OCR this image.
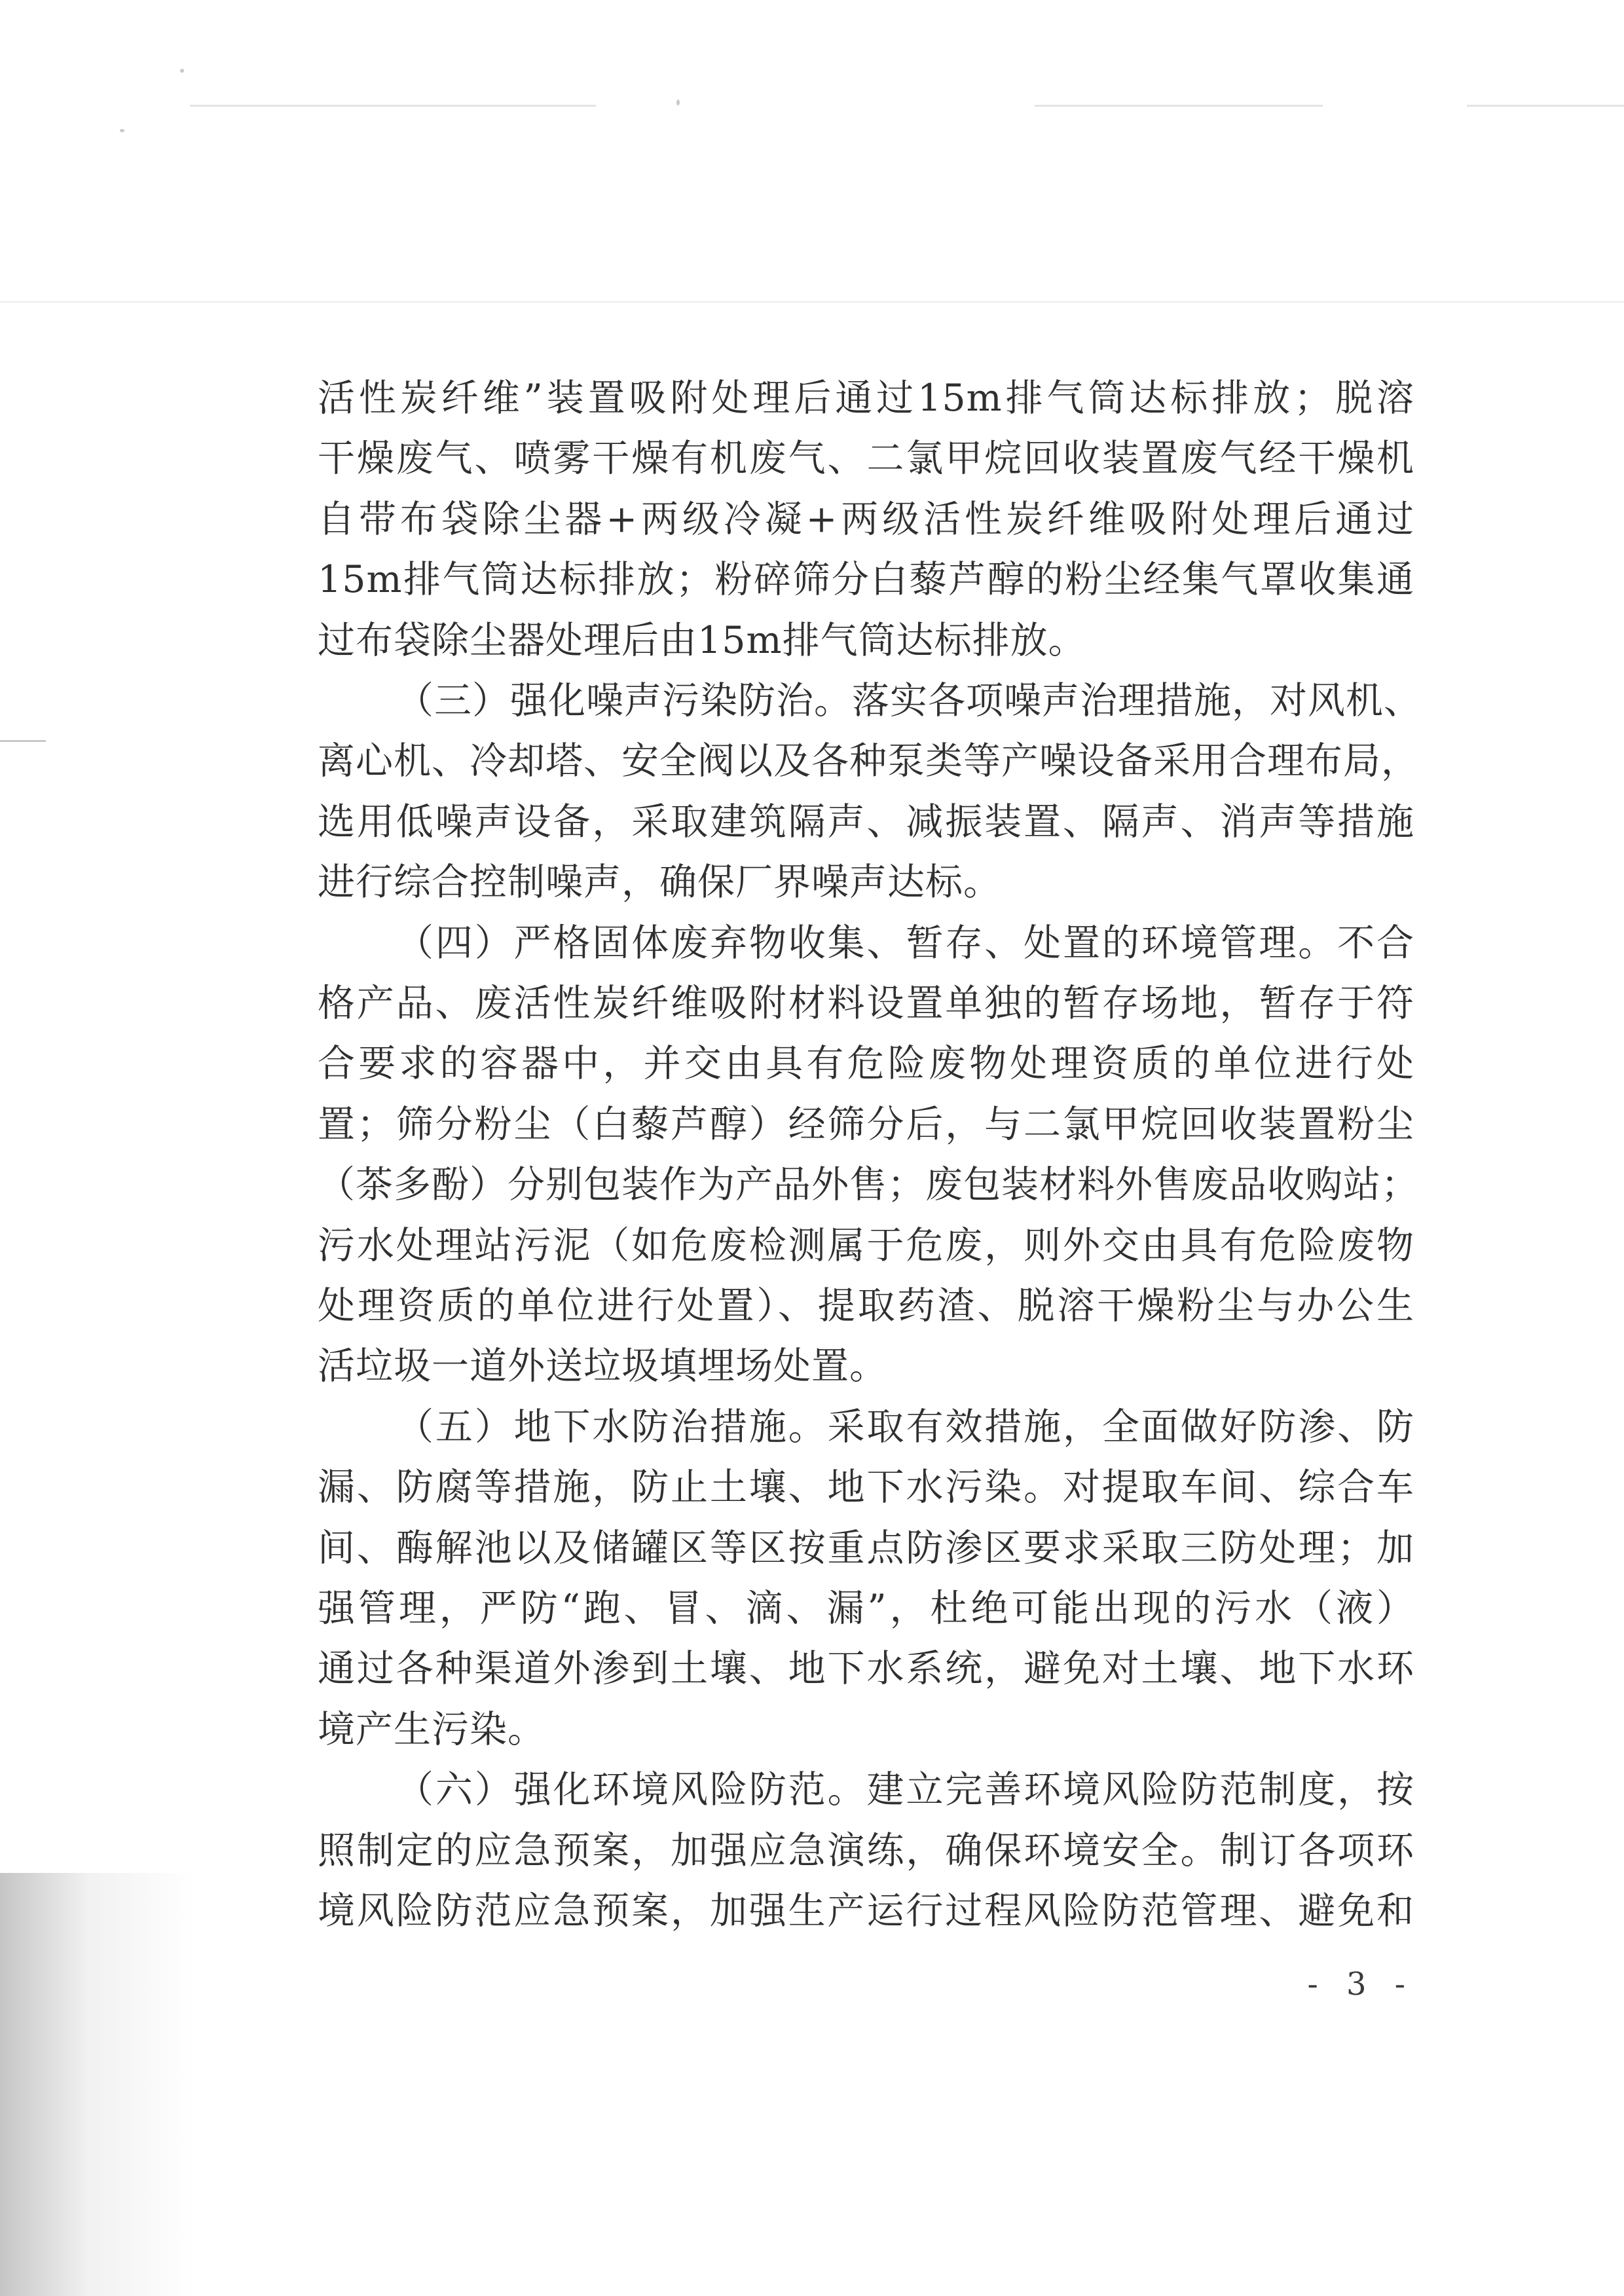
活性炭纤维”装置吸附处理后通过15m排气筒达标排放；脱溶
干燥废气、喷雾干燥有机废气、二氯甲烷回收装置废气经干燥机
自带布袋除尘器+两级冷凝+两级活性炭纤维吸附处理后通过
15m排气筒达标排放；粉碎筛分白藜芦醇的粉尘经集气罩收集通
过布袋除尘器处理后由15m排气筒达标排放。
（三）强化噪声污染防治。落实各项噪声治理措施，对风机、
离心机、冷却塔、安全阀以及各种泵类等产噪设备采用合理布局，
选用低噪声设备，采取建筑隔声、减振装置、隔声、消声等措施
进行综合控制噪声，确保厂界噪声达标。
（四）严格固体废弃物收集、暂存、处置的环境管理。不合
格产品、废活性炭纤维吸附材料设置单独的暂存场地，暂存于符
合要求的容器中，并交由具有危险废物处理资质的单位进行处
置；筛分粉尘（白藜芦醇）经筛分后，与二氯甲烷回收装置粉尘
（茶多酚）分别包装作为产品外售；废包装材料外售废品收购站；
污水处理站污泥（如危废检测属于危废，则外交由具有危险废物
处理资质的单位进行处置）、提取药渣、脱溶干燥粉尘与办公生
活垃圾一道外送垃圾填埋场处置。
（五）地下水防治措施。采取有效措施，全面做好防渗、防
漏、防腐等措施，防止土壤、地下水污染。对提取车间、综合车
间、酶解池以及储罐区等区按重点防渗区要求采取三防处理；加
强管理，严防“跑、冒、滴、漏”，杜绝可能出现的污水（液）
通过各种渠道外渗到土壤、地下水系统，避免对土壤、地下水环
境产生污染。
（六）强化环境风险防范。建立完善环境风险防范制度，按
照制定的应急预案，加强应急演练，确保环境安全。制订各项环
境风险防范应急预案，加强生产运行过程风险防范管理、避免和
- 3 -
